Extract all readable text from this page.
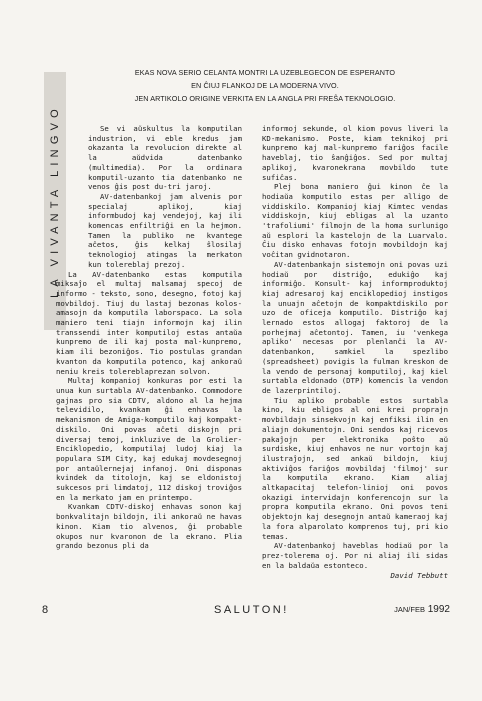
LA VIVANTA LINGVO
EKAS NOVA SERIO CELANTA MONTRI LA UZEBLEGECON DE ESPERANTO
EN ĈIUJ FLANKOJ DE LA MODERNA VIVO.
JEN ARTIKOLO ORIGINE VERKITA EN LA ANGLA PRI FREŜA TEKNOLOGIO.

Se vi aŭskultus la komputilan industrion, vi eble kredus jam okazanta la revolucion direkte al la aŭdvida datenbanko (multimedia). Por la ordinara komputil-uzanto tia datenbanko ne venos ĝis post du-tri jaroj.

AV-datenbankoj jam alvenis por specialaj aplikoj, kiaj informbudoj kaj vendejoj, kaj ili komencas enfiltriĝi en la hejmon. Tamen la publiko ne kvantege aĉetos, ĝis kelkaj ŝlosilaj teknologioj atingas la merkaton kun tolereblaj prezoj.

La AV-datenbanko estas komputila miksaĵo el multaj malsamaj specoj de informo - teksto, sono, desegno, fotoj kaj movbildoj. Tiuj du lastaj bezonas kolos-amasojn da komputila laborspaco. La sola maniero teni tiajn informojn kaj ilin transsendi inter komputiloj estas antaŭa kunpremo de ili kaj posta mal-kunpremo, kiam ili bezoniĝos. Tio postulas grandan kvanton da komputila potenco, kaj ankoraŭ neniu kreis tolereblaprezan solvon.

Multaj kompanioj konkuras por esti la unua kun surtabla AV-datenbanko. Commodore gajnas pro sia CDTV, aldono al la hejma televidilo, kvankam ĝi enhavas la mekanismon de Amiga-komputilo kaj kompakt-diskilo. Oni povas aĉeti diskojn pri diversaj temoj, inkluzive de la Grolier-Enciklopedio, komputilaj ludoj kiaj la populara SIM City, kaj edukaj movdesegnoj por antaŭlernejaj infanoj. Oni disponas kvindek da titolojn, kaj se eldonistoj sukcesos pri limdatoj, 112 diskoj troviĝos en la merkato jam en printempo.

Kvankam CDTV-diskoj enhavas sonon kaj bonkvalitajn bildojn, ili ankoraŭ ne havas kinon. Kiam tio alvenos, ĝi probable okupos nur kvaronon de la ekrano. Plia grando bezonus pli da

informoj sekunde, ol kiom povus liveri la KD-mekanismo. Poste, kiam teknikoj pri kunpremo kaj mal-kunpremo fariĝos facile haveblaj, tio ŝanĝiĝos. Sed por multaj aplikoj, kvaronekrana movbildo tute sufiĉas.

Plej bona maniero ĝui kinon ĉe la hodiaŭa komputilo estas per alligo de viddiskilo. Kompanioj kiaj Kimtec vendas viddiskojn, kiuj ebligas al la uzanto 'trafoliumi' filmojn de la homa surlunigo aŭ esplori la kastelojn de la Luarvalo. Ĉiu disko enhavas fotojn movbildojn kaj voĉitan gvidnotaron.

AV-datenbankajn sistemojn oni povas uzi hodiaŭ por distriĝo, edukiĝo kaj informiĝo. Konsult- kaj informproduktoj kiaj adresaroj kaj enciklopedioj instigos la unuajn aĉetojn de kompaktdiskilo por uzo de oficeja komputilo. Distriĝo kaj lernado estos allogaj faktoroj de la porhejmaj aĉetontoj. Tamen, iu 'venkega apliko' necesas por plenlanĉi la AV-datenbankon, samkiel la spezlibo (spreadsheet) povigis la fulman kreskon de la vendo de personaj komputiloj, kaj kiel surtabla eldonado (DTP) komencis la vendon de lazerprintiloj.

Tiu apliko probable estos surtabla kino, kiu ebligos al oni krei proprajn movbildajn sinsekvojn kaj enfiksi ilin en aliajn dokumentojn. Oni sendos kaj ricevos pakaĵojn per elektronika poŝto aŭ surdiske, kiuj enhavos ne nur vortojn kaj ilustraĵojn, sed ankaŭ bildojn, kiuj aktiviĝos fariĝos movbildaj 'filmoj' sur la komputila ekrano. Kiam aliaj altkapacitaj telefon-linioj oni povos okazigi intervidajn konferencojn sur la propra komputila ekrano. Oni povos teni objektojn kaj desegnojn antaŭ kameraoj kaj la fora alparolato komprenos tuj, pri kio temas.

AV-datenbankoj haveblas hodiaŭ por la prez-tolerema oj. Por ni aliaj ili sidas en la baldaŭa estonteco.

David Tebbutt

8	SALUTON!	JAN/FEB 1992
